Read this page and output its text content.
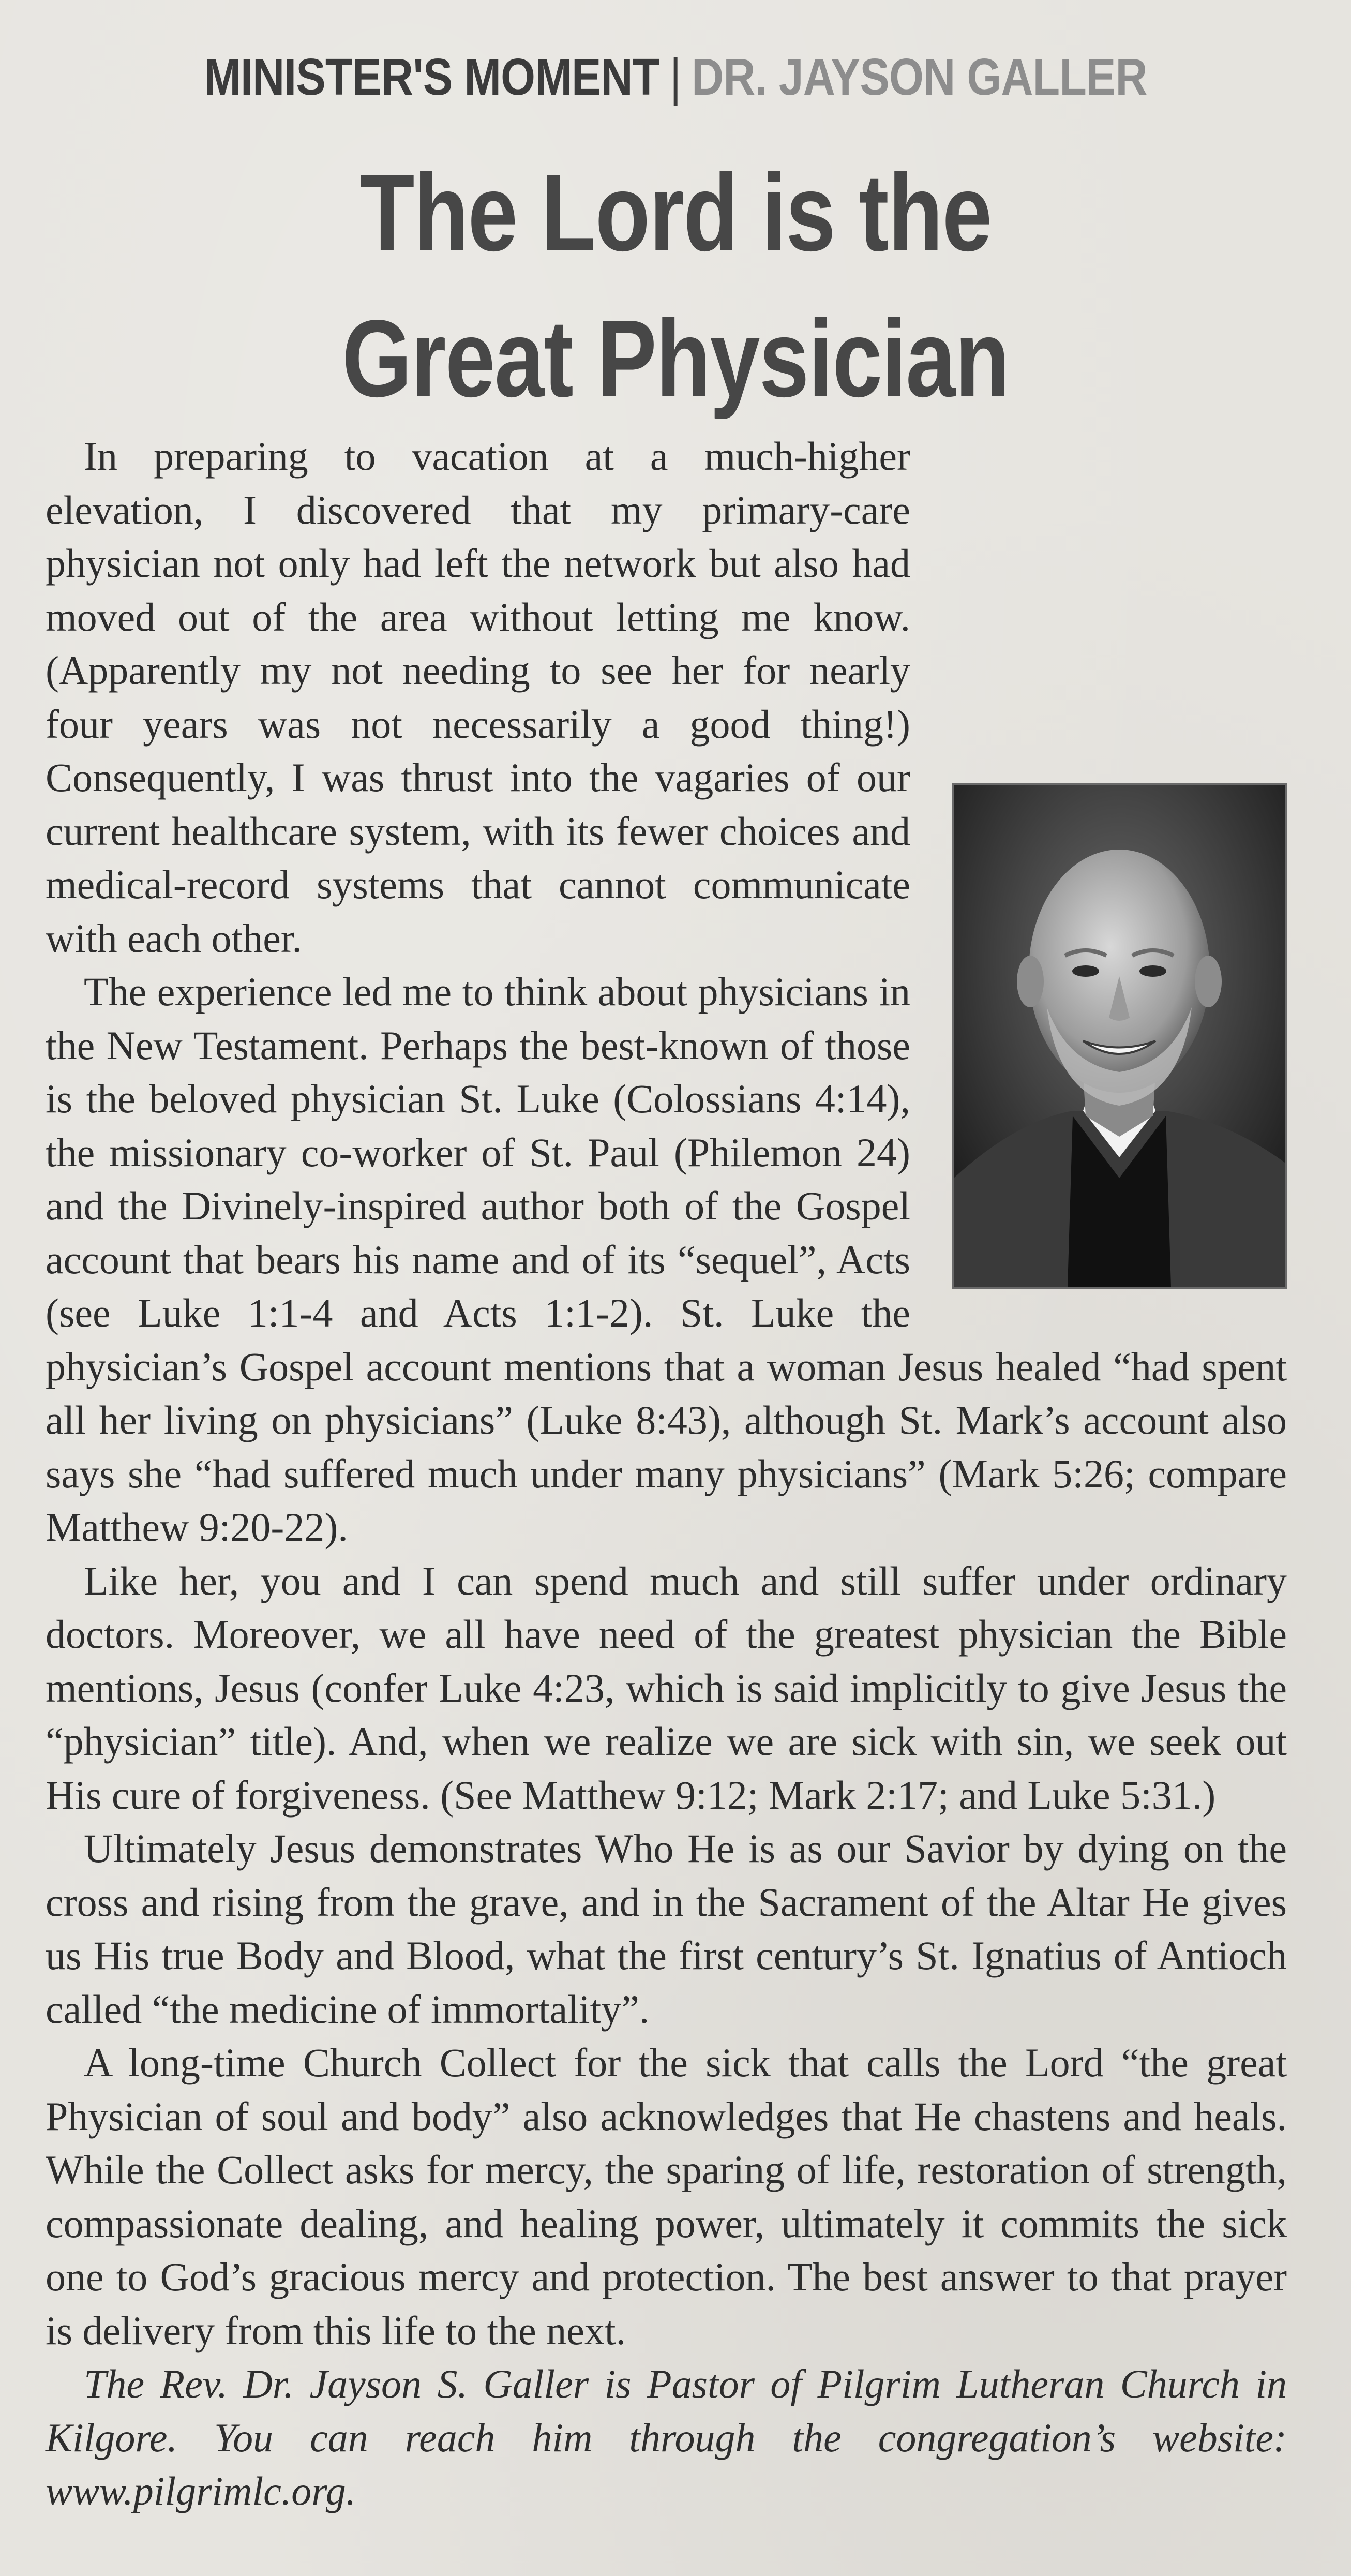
MINISTER'S MOMENT | DR. JAYSON GALLER
The Lord is the
Great Physician

In preparing to vacation at a much-higher elevation, I discovered that my primary-care physician not only had left the network but also had moved out of the area without letting me know. (Apparently my not needing to see her for nearly four years was not necessarily a good thing!) Consequently, I was thrust into the vagaries of our current healthcare system, with its fewer choices and medical-record systems that cannot communicate with each other.

The experience led me to think about physicians in the New Testament. Perhaps the best-known of those is the beloved physician St. Luke (Colossians 4:14), the missionary co-worker of St. Paul (Philemon 24) and the Divinely-inspired author both of the Gospel account that bears his name and of its “sequel”, Acts (see Luke 1:1-4 and Acts 1:1-2). St. Luke the physician’s Gospel account mentions that a woman Jesus healed “had spent all her living on physicians” (Luke 8:43), although St. Mark’s account also says she “had suffered much under many physicians” (Mark 5:26; compare Matthew 9:20-22).

Like her, you and I can spend much and still suffer under ordinary doctors. Moreover, we all have need of the greatest physician the Bible mentions, Jesus (confer Luke 4:23, which is said implicitly to give Jesus the “physician” title). And, when we realize we are sick with sin, we seek out His cure of forgiveness. (See Matthew 9:12; Mark 2:17; and Luke 5:31.)

Ultimately Jesus demonstrates Who He is as our Savior by dying on the cross and rising from the grave, and in the Sacrament of the Altar He gives us His true Body and Blood, what the first century’s St. Ignatius of Antioch called “the medicine of immortality”.

A long-time Church Collect for the sick that calls the Lord “the great Physician of soul and body” also acknowledges that He chastens and heals. While the Collect asks for mercy, the sparing of life, restoration of strength, compassionate dealing, and healing power, ultimately it commits the sick one to God’s gracious mercy and protection. The best answer to that prayer is delivery from this life to the next.

The Rev. Dr. Jayson S. Galler is Pastor of Pilgrim Lutheran Church in Kilgore. You can reach him through the congregation’s website: www.pilgrimlc.org.
